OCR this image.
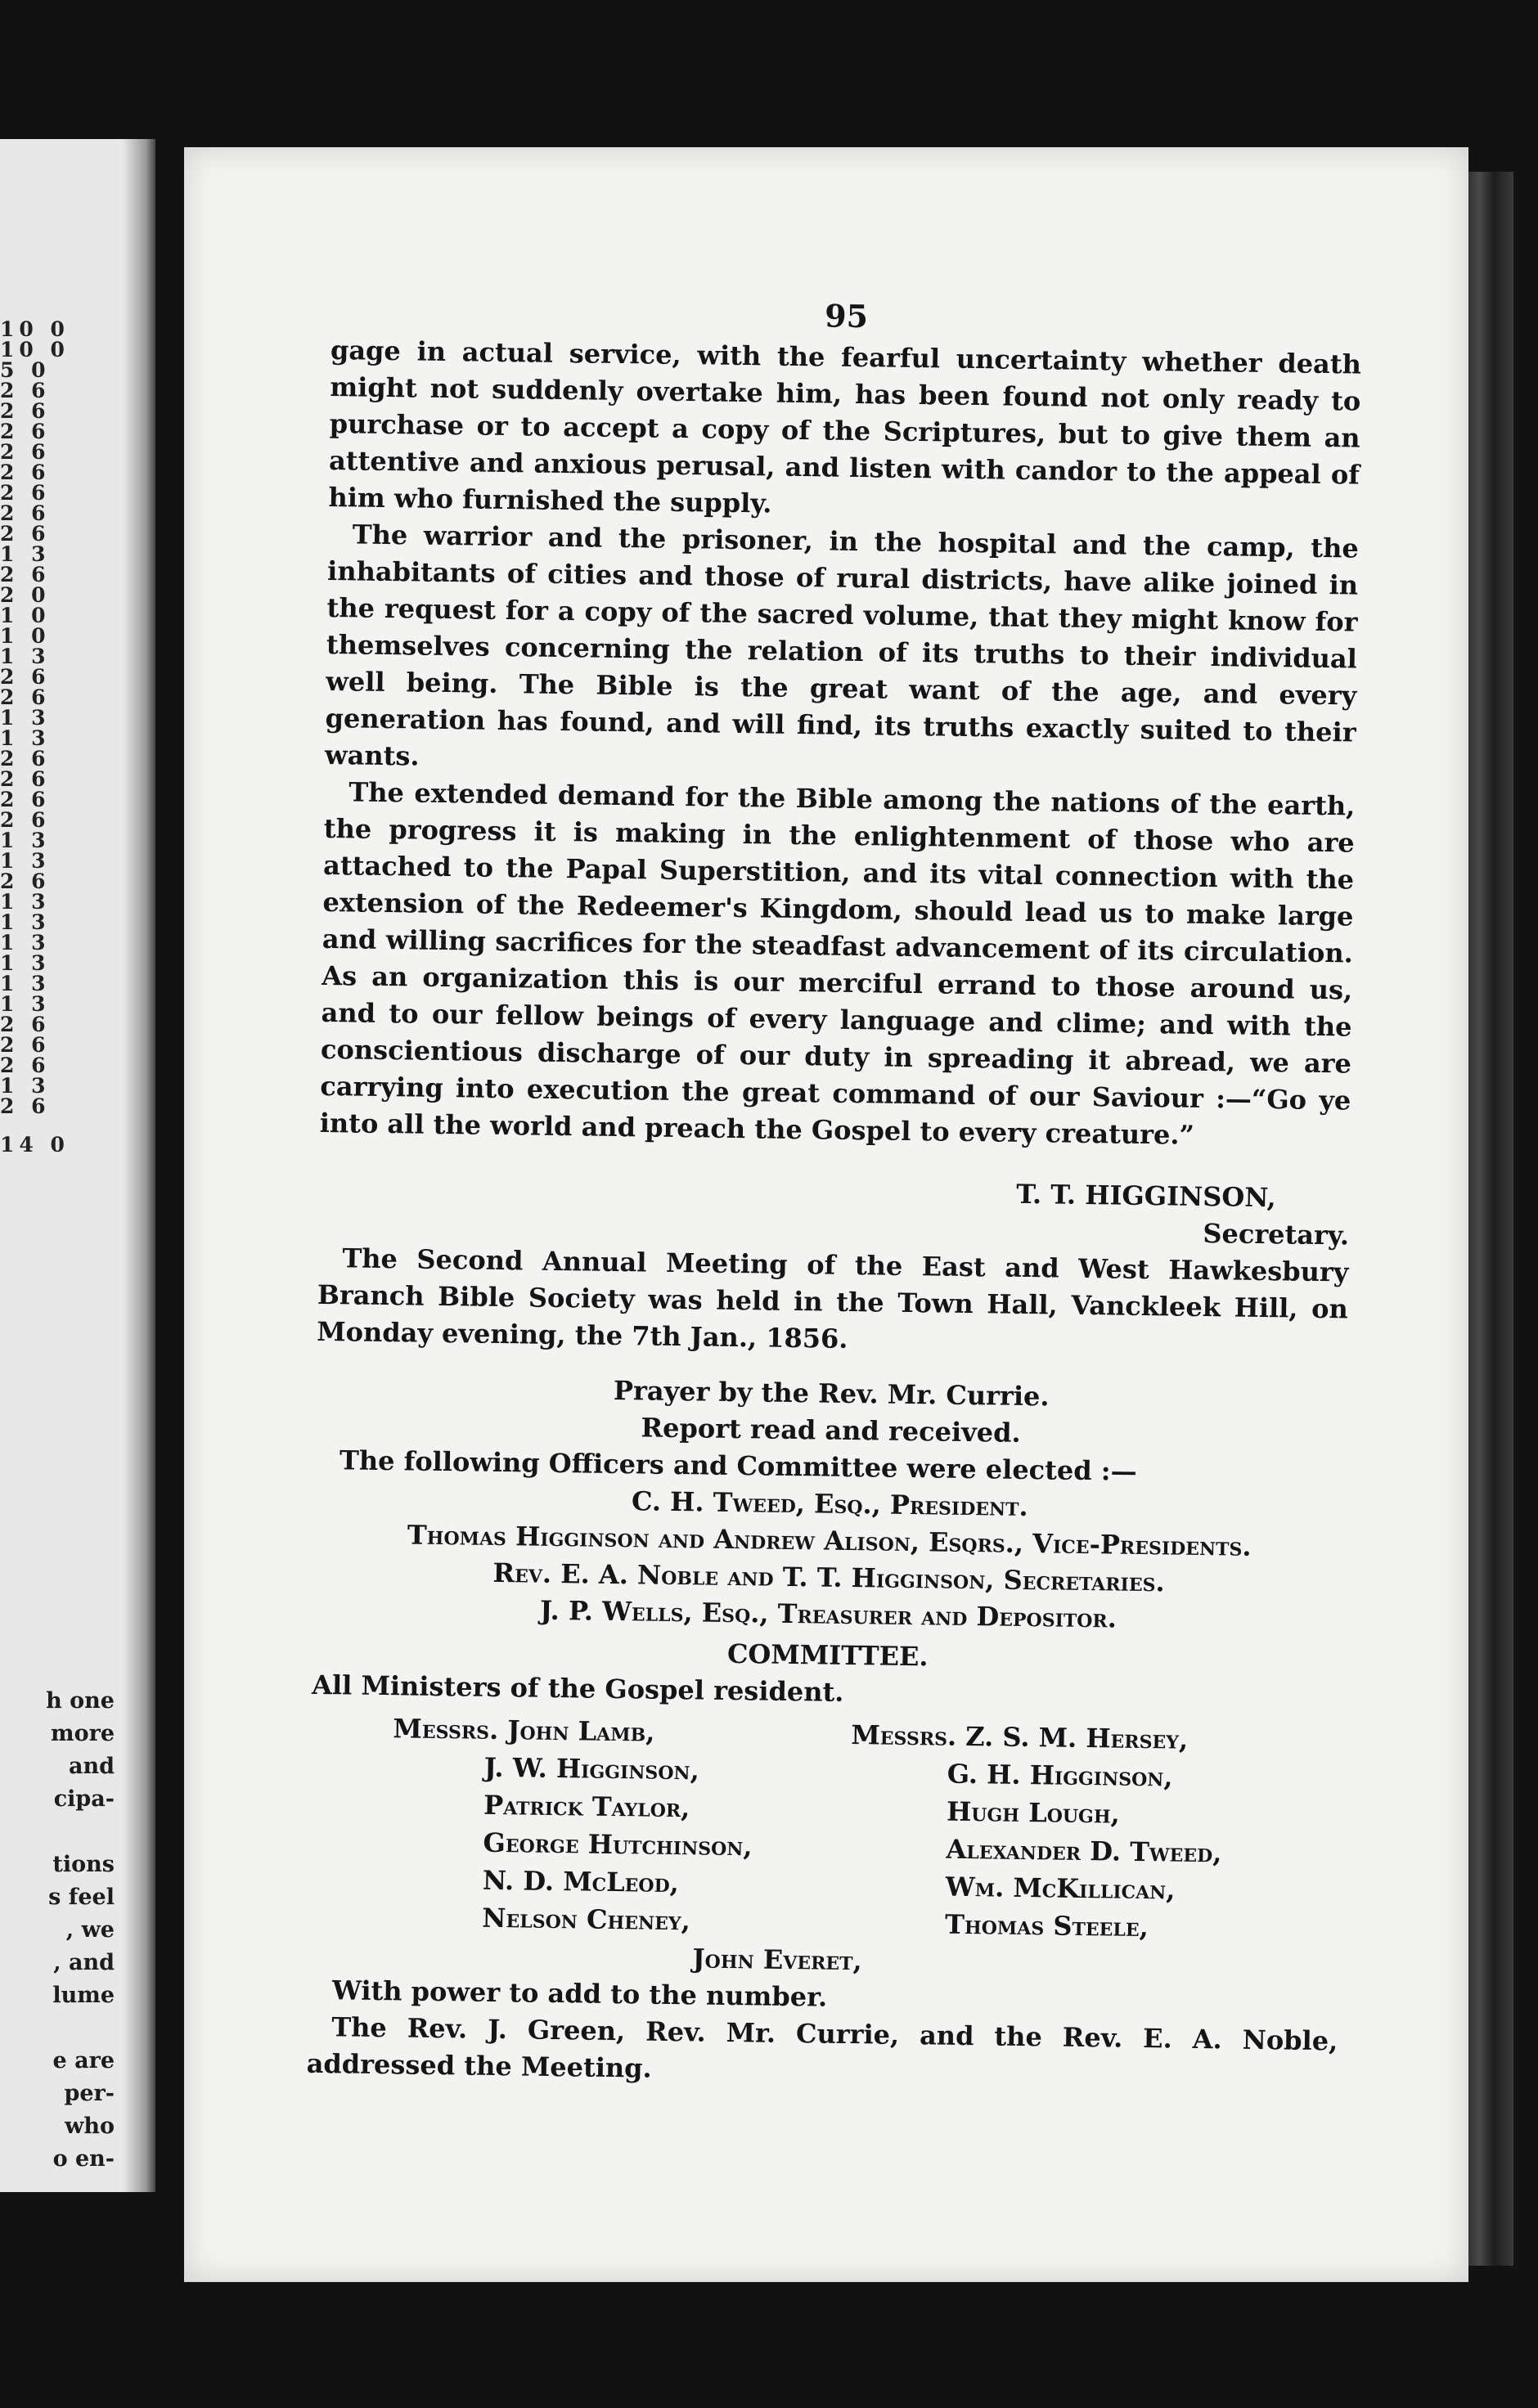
10 0
10 0
5 0
2 6
2 6
2 6
2 6
2 6
2 6
2 6
2 6
1 3
2 6
2 0
1 0
1 0
1 3
2 6
2 6
1 3
1 3
2 6
2 6
2 6
2 6
1 3
1 3
2 6
1 3
1 3
1 3
1 3
1 3
1 3
2 6
2 6
2 6
1 3
2 6
14 0
h one
more
and
cipa-

tions
s feel
, we
, and
lume

e are
per-
who
o en-
95

gage in actual service, with the fearful uncertainty whether death might not suddenly overtake him, has been found not only ready to purchase or to accept a copy of the Scriptures, but to give them an attentive and anxious perusal, and listen with candor to the appeal of him who furnished the supply.

The warrior and the prisoner, in the hospital and the camp, the inhabitants of cities and those of rural districts, have alike joined in the request for a copy of the sacred volume, that they might know for themselves concerning the relation of its truths to their individual well being. The Bible is the great want of the age, and every generation has found, and will find, its truths exactly suited to their wants.

The extended demand for the Bible among the nations of the earth, the progress it is making in the enlightenment of those who are attached to the Papal Superstition, and its vital connection with the extension of the Redeemer's Kingdom, should lead us to make large and willing sacrifices for the steadfast advancement of its circulation. As an organization this is our merciful errand to those around us, and to our fellow beings of every language and clime; and with the conscientious discharge of our duty in spreading it abread, we are carrying into execution the great command of our Saviour :—“Go ye into all the world and preach the Gospel to every creature.”

T. T. HIGGINSON,
Secretary.

The Second Annual Meeting of the East and West Hawkesbury Branch Bible Society was held in the Town Hall, Vanckleek Hill, on Monday evening, the 7th Jan., 1856.

Prayer by the Rev. Mr. Currie.
Report read and received.
The following Officers and Committee were elected :—
C. H. Tweed, Esq., President.
Thomas Higginson and Andrew Alison, Esqrs., Vice-Presidents.
Rev. E. A. Noble and T. T. Higginson, Secretaries.
J. P. Wells, Esq., Treasurer and Depositor.
COMMITTEE.
All Ministers of the Gospel resident.
Messrs. John Lamb,
J. W. Higginson,
Patrick Taylor,
George Hutchinson,
N. D. McLeod,
Nelson Cheney,
Messrs. Z. S. M. Hersey,
G. H. Higginson,
Hugh Lough,
Alexander D. Tweed,
Wm. McKillican,
Thomas Steele,
John Everet,
With power to add to the number.

The Rev. J. Green, Rev. Mr. Currie, and the Rev. E. A. Noble, addressed the Meeting.
